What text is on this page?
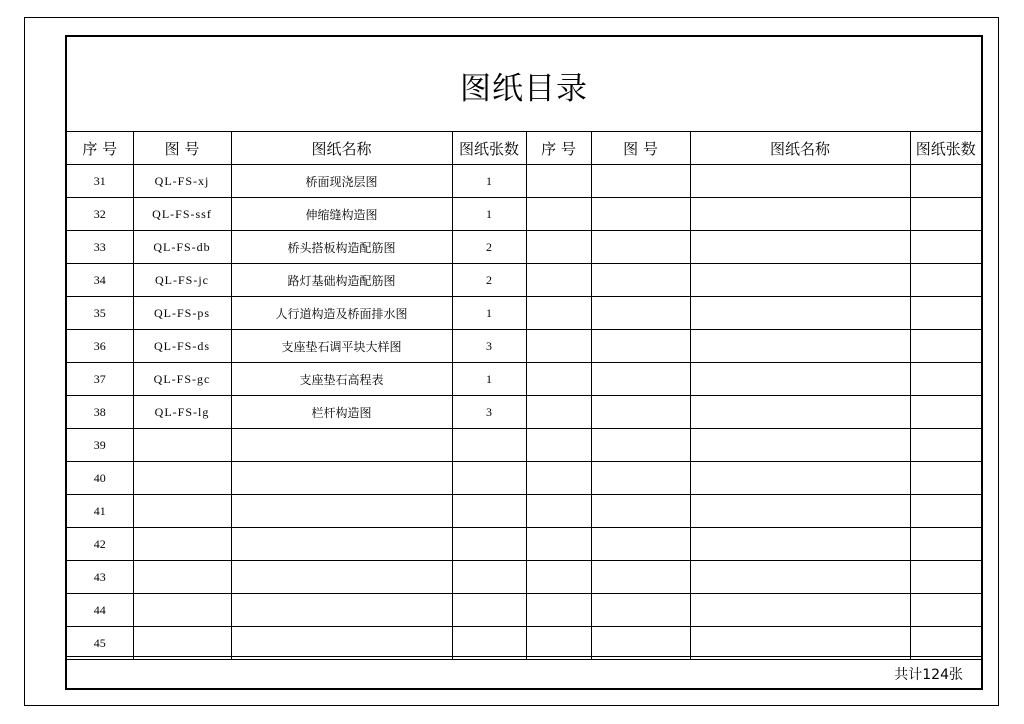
图纸目录
序 号	图 号	图纸名称	图纸张数	序 号	图 号	图纸名称	图纸张数
31	QL-FS-xj	桥面现浇层图	1				
32	QL-FS-ssf	伸缩缝构造图	1				
33	QL-FS-db	桥头搭板构造配筋图	2				
34	QL-FS-jc	路灯基础构造配筋图	2				
35	QL-FS-ps	人行道构造及桥面排水图	1				
36	QL-FS-ds	支座垫石调平块大样图	3				
37	QL-FS-gc	支座垫石高程表	1				
38	QL-FS-lg	栏杆构造图	3				
39							
40							
41							
42							
43							
44							
45							
共计124张
